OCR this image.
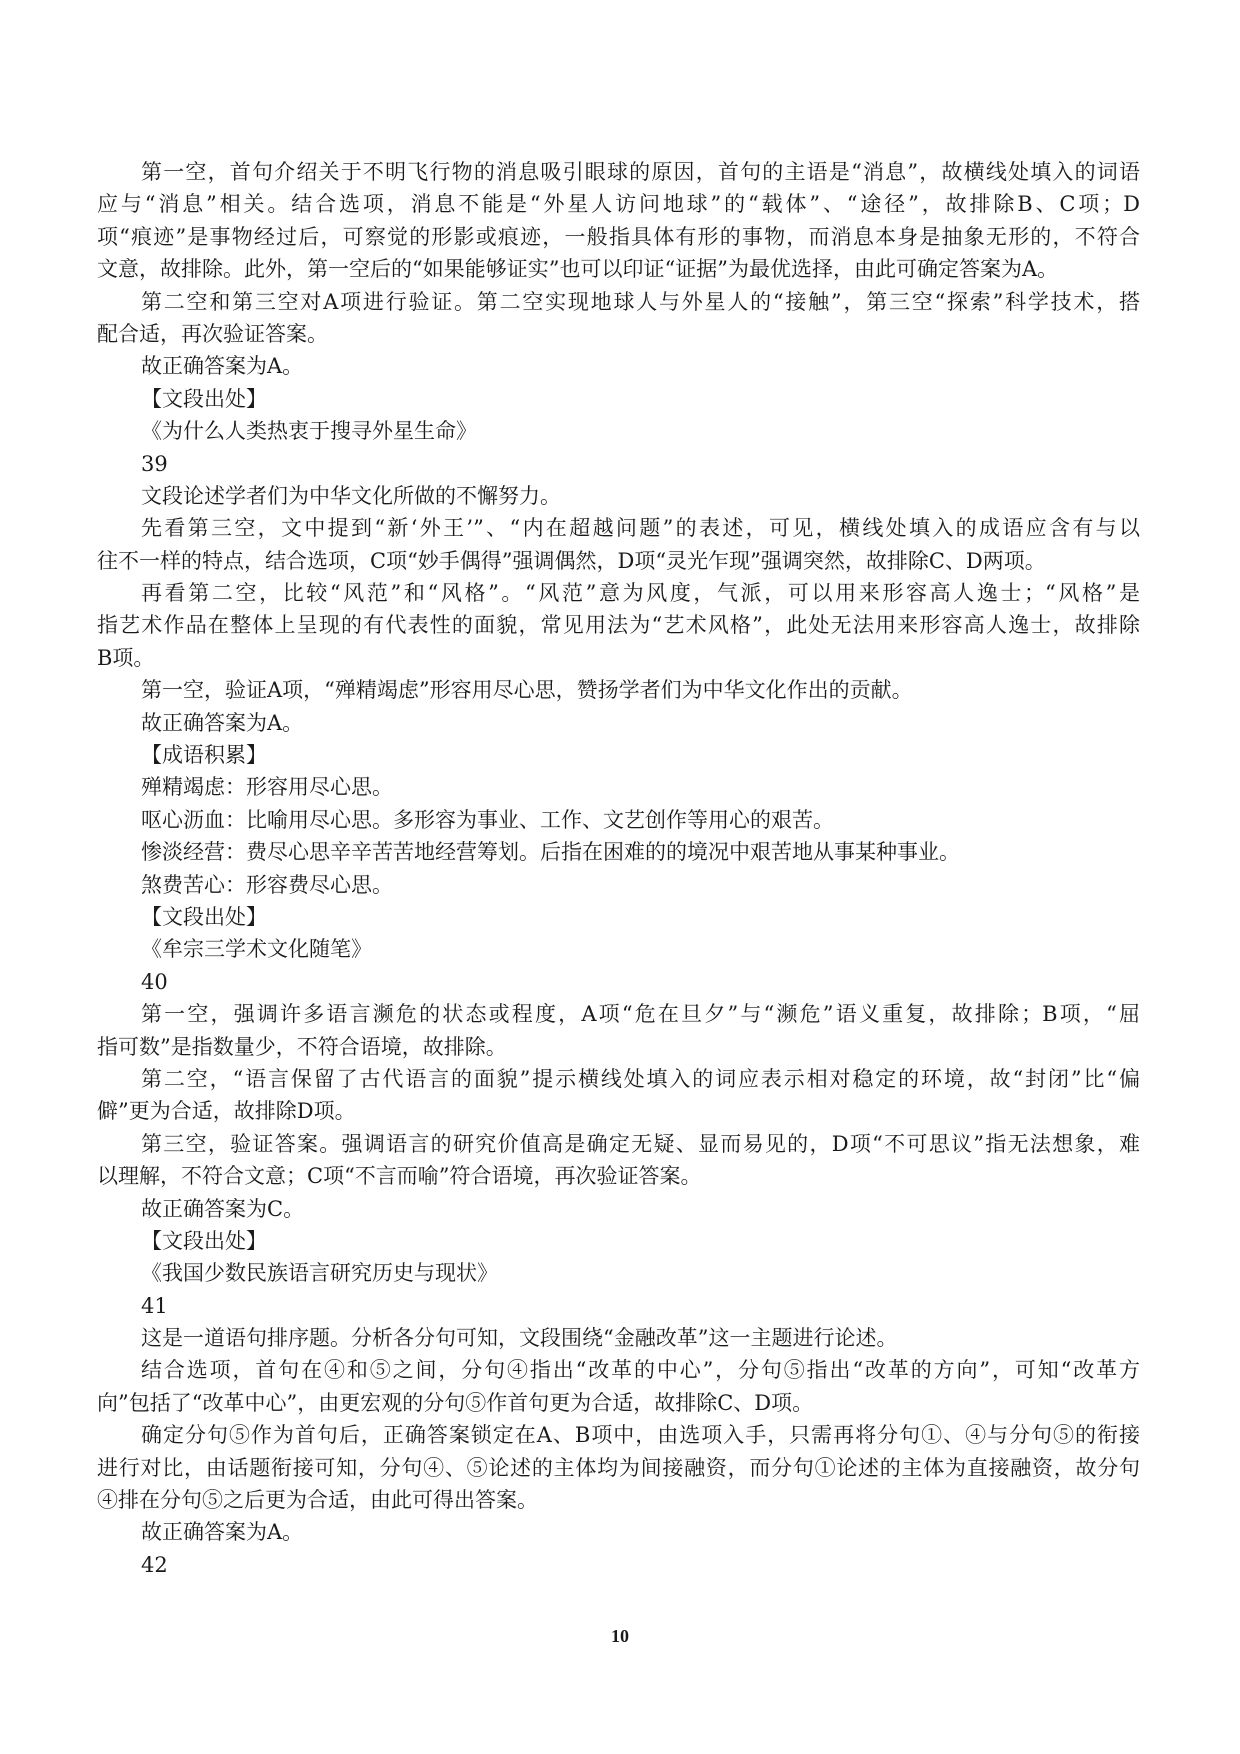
第一空，首句介绍关于不明飞行物的消息吸引眼球的原因，首句的主语是“消息”，故横线处填入的词语
应与“消息”相关。结合选项，消息不能是“外星人访问地球”的“载体”、“途径”，故排除B、C项；D
项“痕迹”是事物经过后，可察觉的形影或痕迹，一般指具体有形的事物，而消息本身是抽象无形的，不符合
文意，故排除。此外，第一空后的“如果能够证实”也可以印证“证据”为最优选择，由此可确定答案为A。
第二空和第三空对A项进行验证。第二空实现地球人与外星人的“接触”，第三空“探索”科学技术，搭
配合适，再次验证答案。
故正确答案为A。
【文段出处】
《为什么人类热衷于搜寻外星生命》
39
文段论述学者们为中华文化所做的不懈努力。
先看第三空，文中提到“新‘外王’”、“内在超越问题”的表述，可见，横线处填入的成语应含有与以
往不一样的特点，结合选项，C项“妙手偶得”强调偶然，D项“灵光乍现”强调突然，故排除C、D两项。
再看第二空，比较“风范”和“风格”。“风范”意为风度，气派，可以用来形容高人逸士；“风格”是
指艺术作品在整体上呈现的有代表性的面貌，常见用法为“艺术风格”，此处无法用来形容高人逸士，故排除
B项。
第一空，验证A项，“殚精竭虑”形容用尽心思，赞扬学者们为中华文化作出的贡献。
故正确答案为A。
【成语积累】
殚精竭虑：形容用尽心思。
呕心沥血：比喻用尽心思。多形容为事业、工作、文艺创作等用心的艰苦。
惨淡经营：费尽心思辛辛苦苦地经营筹划。后指在困难的的境况中艰苦地从事某种事业。
煞费苦心：形容费尽心思。
【文段出处】
《牟宗三学术文化随笔》
40
第一空，强调许多语言濒危的状态或程度，A项“危在旦夕”与“濒危”语义重复，故排除；B项，“屈
指可数”是指数量少，不符合语境，故排除。
第二空，“语言保留了古代语言的面貌”提示横线处填入的词应表示相对稳定的环境，故“封闭”比“偏
僻”更为合适，故排除D项。
第三空，验证答案。强调语言的研究价值高是确定无疑、显而易见的，D项“不可思议”指无法想象，难
以理解，不符合文意；C项“不言而喻”符合语境，再次验证答案。
故正确答案为C。
【文段出处】
《我国少数民族语言研究历史与现状》
41
这是一道语句排序题。分析各分句可知，文段围绕“金融改革”这一主题进行论述。
结合选项，首句在④和⑤之间，分句④指出“改革的中心”，分句⑤指出“改革的方向”，可知“改革方
向”包括了“改革中心”，由更宏观的分句⑤作首句更为合适，故排除C、D项。
确定分句⑤作为首句后，正确答案锁定在A、B项中，由选项入手，只需再将分句①、④与分句⑤的衔接
进行对比，由话题衔接可知，分句④、⑤论述的主体均为间接融资，而分句①论述的主体为直接融资，故分句
④排在分句⑤之后更为合适，由此可得出答案。
故正确答案为A。
42
10
